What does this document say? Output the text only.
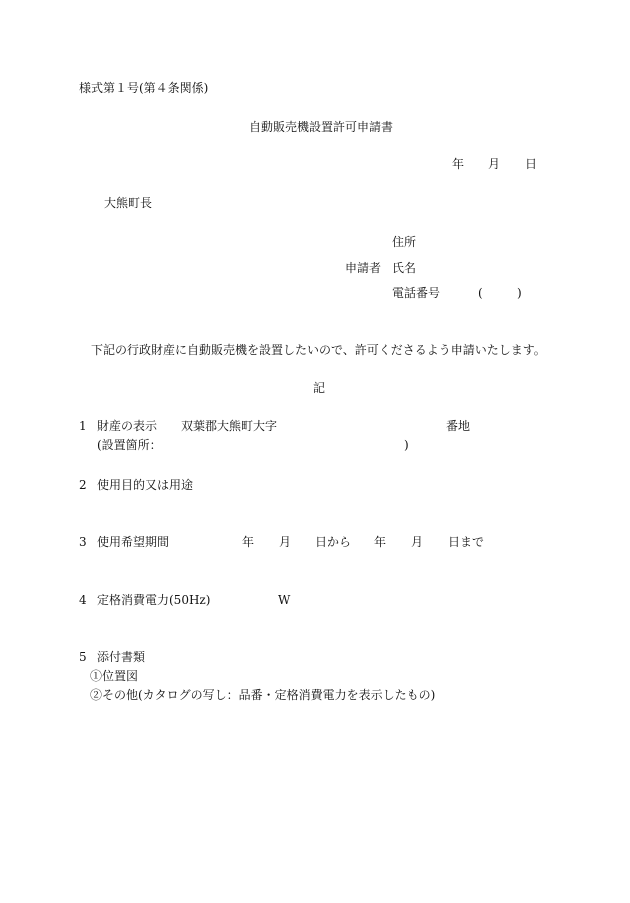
様式第１号(第４条関係)
自動販売機設置許可申請書
年 月 日
大熊町長
住所
申請者 氏名
電話番号	(	)
下記の行政財産に自動販売機を設置したいので、許可くださるよう申請いたします。
記
1 財産の表示 双葉郡大熊町大字	番地
(設置箇所：	)
2 使用目的又は用途
3 使用希望期間	年 月 日から 年 月 日まで
4 定格消費電力(50Hz)	W
5 添付書類
①位置図
②その他(カタログの写し：品番・定格消費電力を表示したもの)
